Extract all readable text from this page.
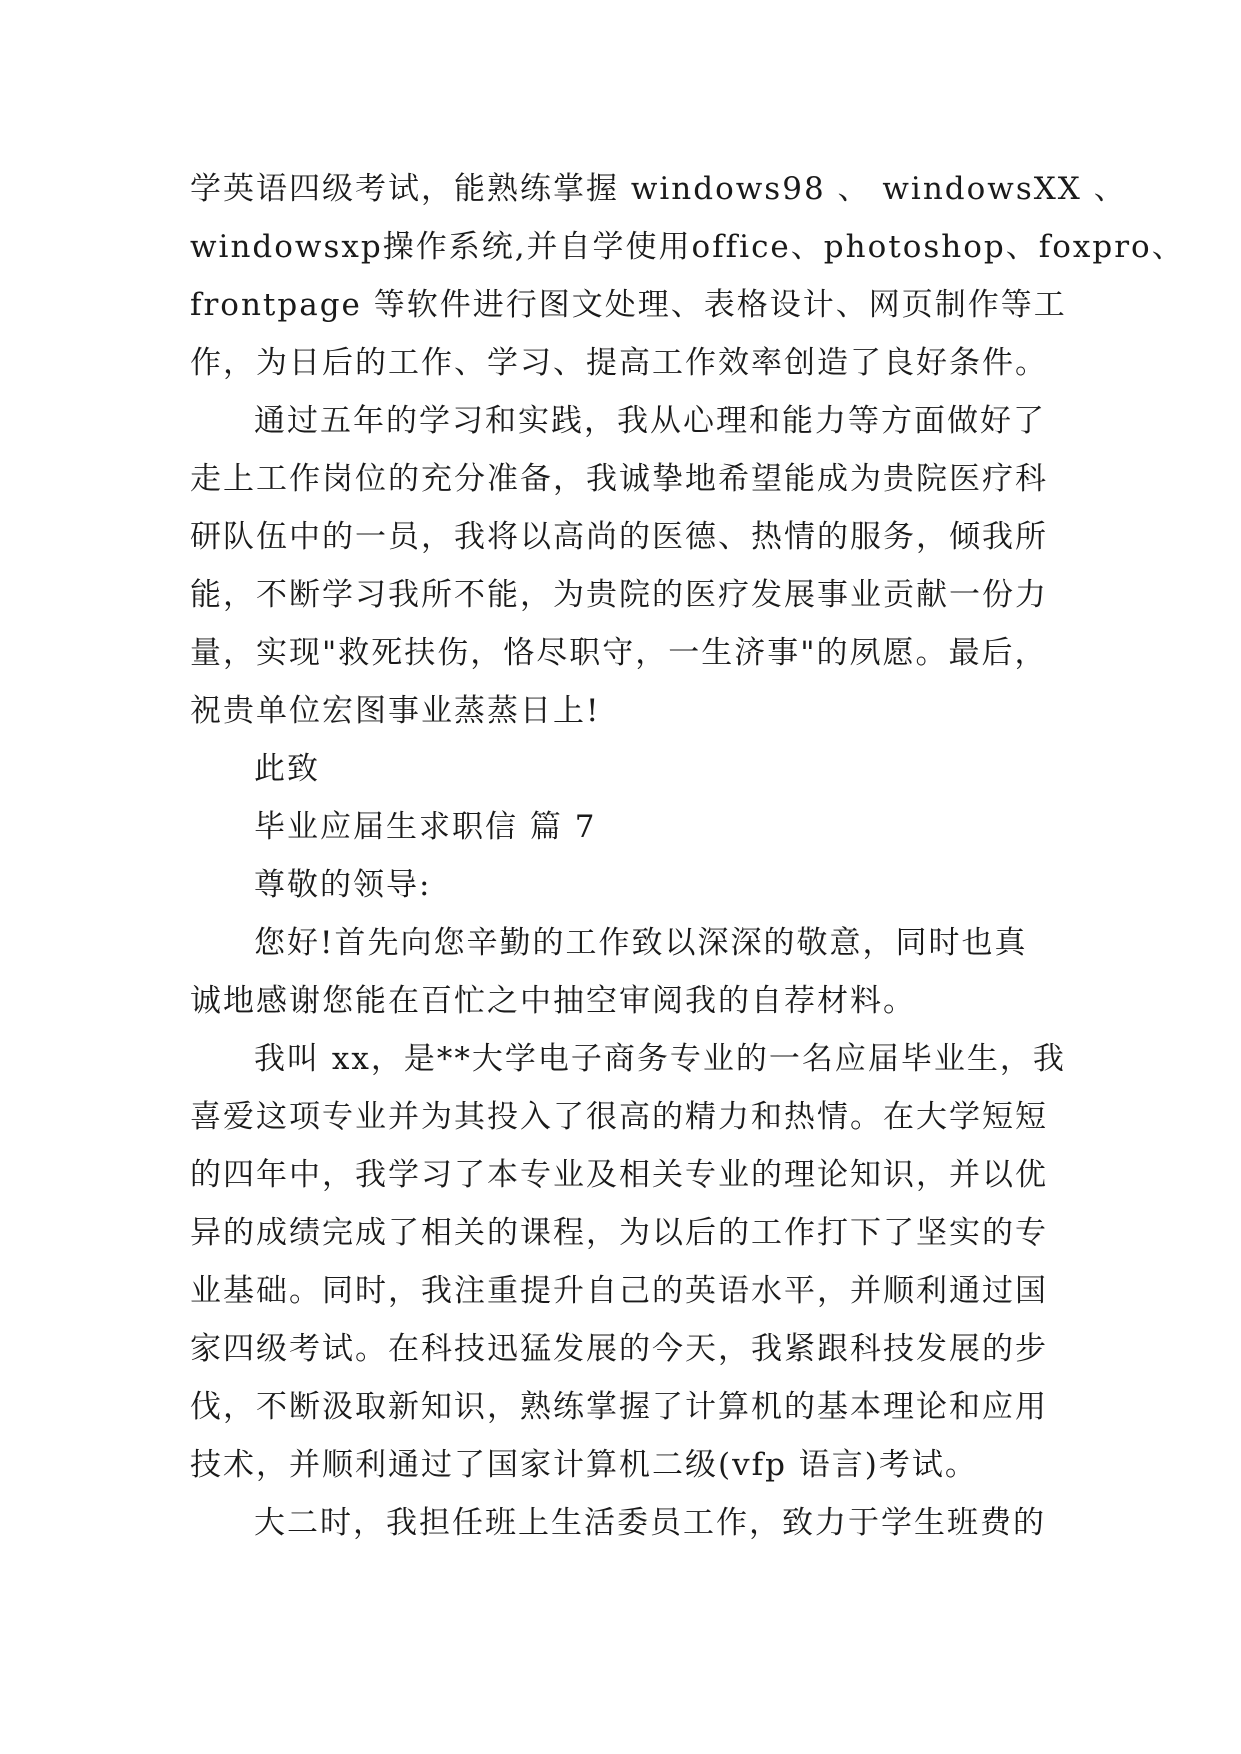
学英语四级考试，能熟练掌握 windows98 、 windowsXX 、
windowsxp操作系统,并自学使用office、photoshop、foxpro、
frontpage 等软件进行图文处理、表格设计、网页制作等工
作，为日后的工作、学习、提高工作效率创造了良好条件。
通过五年的学习和实践，我从心理和能力等方面做好了
走上工作岗位的充分准备，我诚挚地希望能成为贵院医疗科
研队伍中的一员，我将以高尚的医德、热情的服务，倾我所
能，不断学习我所不能，为贵院的医疗发展事业贡献一份力
量，实现"救死扶伤，恪尽职守，一生济事"的夙愿。最后，
祝贵单位宏图事业蒸蒸日上!
此致
毕业应届生求职信 篇 7
尊敬的领导:
您好!首先向您辛勤的工作致以深深的敬意，同时也真
诚地感谢您能在百忙之中抽空审阅我的自荐材料。
我叫 xx，是**大学电子商务专业的一名应届毕业生，我
喜爱这项专业并为其投入了很高的精力和热情。在大学短短
的四年中，我学习了本专业及相关专业的理论知识，并以优
异的成绩完成了相关的课程，为以后的工作打下了坚实的专
业基础。同时，我注重提升自己的英语水平，并顺利通过国
家四级考试。在科技迅猛发展的今天，我紧跟科技发展的步
伐，不断汲取新知识，熟练掌握了计算机的基本理论和应用
技术，并顺利通过了国家计算机二级(vfp 语言)考试。
大二时，我担任班上生活委员工作，致力于学生班费的
